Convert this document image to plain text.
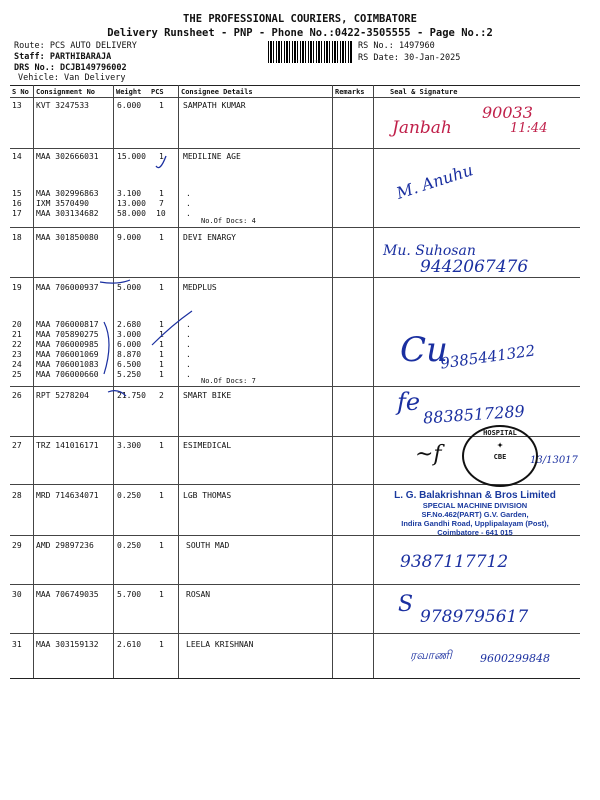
THE PROFESSIONAL COURIERS, COIMBATORE
Delivery Runsheet - PNP - Phone No.:0422-3505555 - Page No.:2
Route: PCS AUTO DELIVERY
Staff: PARTHIBARAJA
DRS No.: DCJB149796002
Vehicle: Van Delivery
RS No.: 1497960
RS Date: 30-Jan-2025
S No Consignment No	Weight PCS Consignee Details	Remarks	Seal & Signature
13 KVT 3247533	6.000 1 SAMPATH KUMAR
14 MAA 302666031 15.000 1 MEDILINE AGE
15 MAA 302996863 3.100 1	.
16 IXM 3570490	13.000 7	.
17 MAA 303134682 58.000 10	.
No.Of Docs: 4
18 MAA 301850080 9.000 1 DEVI ENARGY
19 MAA 706000937 5.000 1 MEDPLUS
20 MAA 706000817 2.680 1	.
21 MAA 705890275 3.000 1	.
22 MAA 706000985 6.000 1	.
23 MAA 706001069 8.870 1	.
24 MAA 706001083 6.500 1	.
25 MAA 706000660 5.250 1	.
No.Of Docs: 7
26 RPT 5278204	21.750 2 SMART BIKE
27 TRZ 141016171 3.300 1 ESIMEDICAL
28 MRD 714634071 0.250 1 LGB THOMAS
29 AMD 29897236	0.250 1	SOUTH MAD
30 MAA 706749035 5.700 1	ROSAN
31 MAA 303159132 2.610 1	LEELA KRISHNAN
Janbah
90033
11:44
M. Anuhu
Mu. Suhosan
9442067476
Cu
9385441322
fe 8838517289
~f	13/13017
HOSPITAL
✦
CBE
L. G. Balakrishnan & Bros Limited
SPECIAL MACHINE DIVISION
SF.No.462(PART) G.V. Garden,
Indira Gandhi Road, Upplipalayam (Post),
Coimbatore - 641 015
9387117712
S 9789795617
ரவாணி	9600299848
